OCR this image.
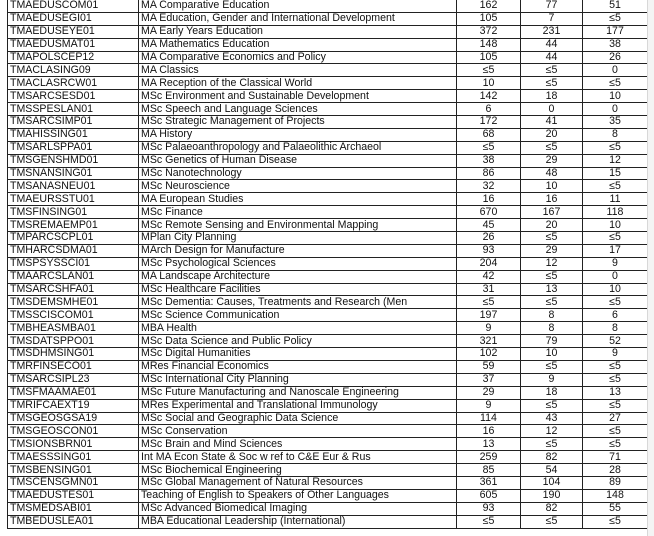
TMAEDUSCOM01	MA Comparative Education	162	77	51
TMAEDUSEGI01	MA Education, Gender and International Development	105	7	≤5
TMAEDUSEYE01	MA Early Years Education	372	231	177
TMAEDUSMAT01	MA Mathematics Education	148	44	38
TMAPOLSCEP12	MA Comparative Economics and Policy	105	44	26
TMACLASING09	MA Classics	≤5	≤5	0
TMACLASRCW01	MA Reception of the Classical World	10	≤5	≤5
TMSARCSESD01	MSc Environment and Sustainable Development	142	18	10
TMSSPESLAN01	MSc Speech and Language Sciences	6	0	0
TMSARCSIMP01	MSc Strategic Management of Projects	172	41	35
TMAHISSING01	MA History	68	20	8
TMSARLSPPA01	MSc Palaeoanthropology and Palaeolithic Archaeol	≤5	≤5	≤5
TMSGENSHMD01	MSc Genetics of Human Disease	38	29	12
TMSNANSING01	MSc Nanotechnology	86	48	15
TMSANASNEU01	MSc Neuroscience	32	10	≤5
TMAEURSSTU01	MA European Studies	16	16	11
TMSFINSING01	MSc Finance	670	167	118
TMSREMAEMP01	MSc Remote Sensing and Environmental Mapping	45	20	10
TMPARCSCPL01	MPlan City Planning	26	≤5	≤5
TMHARCSDMA01	MArch Design for Manufacture	93	29	17
TMSPSYSSCI01	MSc Psychological Sciences	204	12	9
TMAARCSLAN01	MA Landscape Architecture	42	≤5	0
TMSARCSHFA01	MSc Healthcare Facilities	31	13	10
TMSDEMSMHE01	MSc Dementia: Causes, Treatments and Research (Men	≤5	≤5	≤5
TMSSCISCOM01	MSc Science Communication	197	8	6
TMBHEASMBA01	MBA Health	9	8	8
TMSDATSPPO01	MSc Data Science and Public Policy	321	79	52
TMSDHMSING01	MSc Digital Humanities	102	10	9
TMRFINSECO01	MRes Financial Economics	59	≤5	≤5
TMSARCSIPL23	MSc International City Planning	37	9	≤5
TMSFMAAMAE01	MSc Future Manufacturing and Nanoscale Engineering	29	18	13
TMRIFCAEXT19	MRes Experimental and Translational Immunology	9	≤5	≤5
TMSGEOSGSA19	MSc Social and Geographic Data Science	114	43	27
TMSGEOSCON01	MSc Conservation	16	12	≤5
TMSIONSBRN01	MSc Brain and Mind Sciences	13	≤5	≤5
TMAESSSING01	Int MA Econ State & Soc w ref to C&E Eur & Rus	259	82	71
TMSBENSING01	MSc Biochemical Engineering	85	54	28
TMSCENSGMN01	MSc Global Management of Natural Resources	361	104	89
TMAEDUSTES01	Teaching of English to Speakers of Other Languages	605	190	148
TMSMEDSABI01	MSc Advanced Biomedical Imaging	93	82	55
TMBEDUSLEA01	MBA Educational Leadership (International)	≤5	≤5	≤5
